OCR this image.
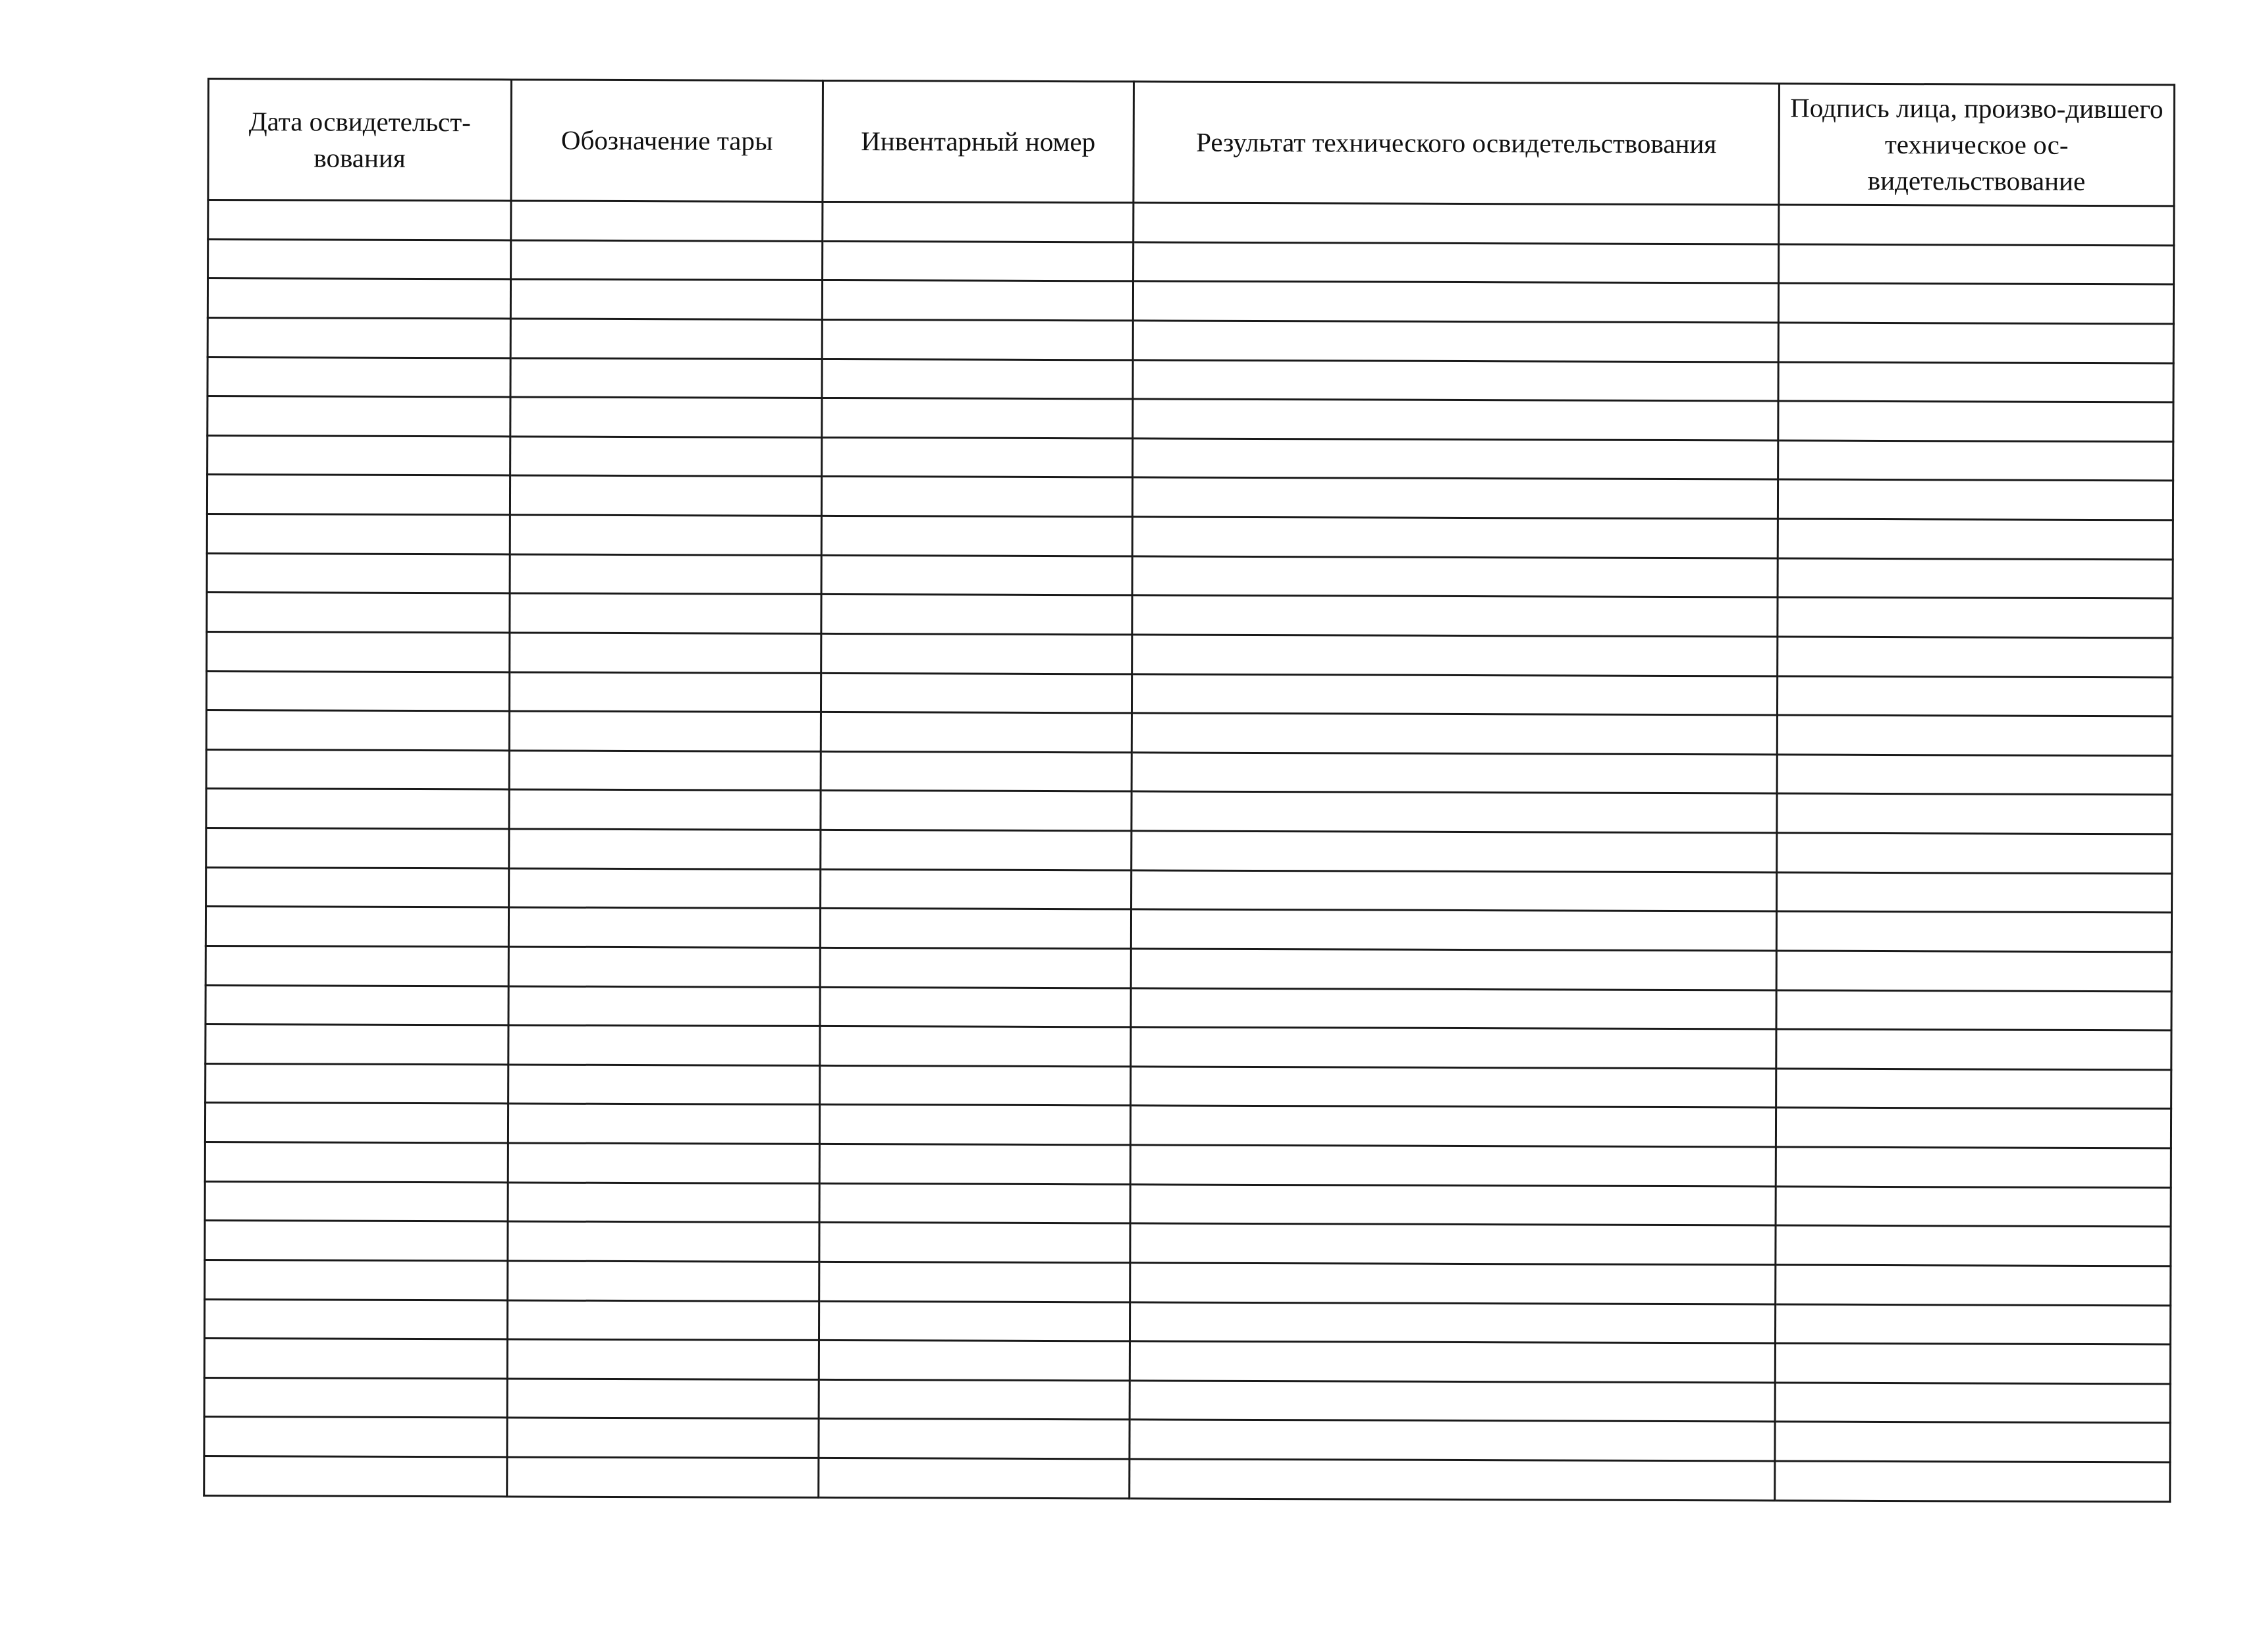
Дата освидетельст-вования	Обозначение тары	Инвентарный номер	Результат технического освидетельствования	Подпись лица, произво-дившего техническое ос-видетельствование
